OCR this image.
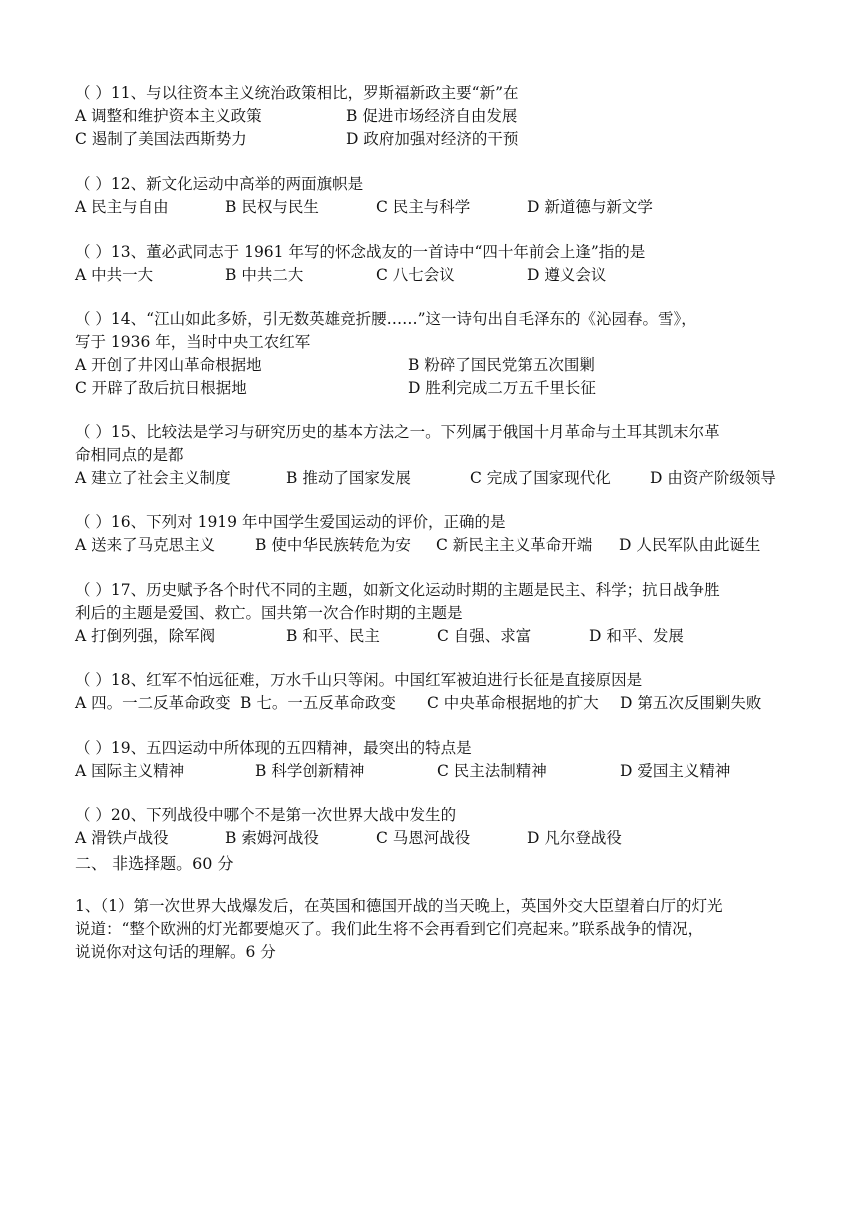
（ ）11、与以往资本主义统治政策相比，罗斯福新政主要“新”在
A 调整和维护资本主义政策	B 促进市场经济自由发展
C 遏制了美国法西斯势力	D 政府加强对经济的干预
（ ）12、新文化运动中高举的两面旗帜是
A 民主与自由	B 民权与民生	C 民主与科学	D 新道德与新文学
（ ）13、董必武同志于 1961 年写的怀念战友的一首诗中“四十年前会上逢”指的是
A 中共一大	B 中共二大	C 八七会议	D 遵义会议
（ ）14、“江山如此多娇，引无数英雄竞折腰……”这一诗句出自毛泽东的《沁园春。雪》，
写于 1936 年，当时中央工农红军
A 开创了井冈山革命根据地	B 粉碎了国民党第五次围剿
C 开辟了敌后抗日根据地	D 胜利完成二万五千里长征
（ ）15、比较法是学习与研究历史的基本方法之一。下列属于俄国十月革命与土耳其凯末尔革
命相同点的是都
A 建立了社会主义制度	B 推动了国家发展	C 完成了国家现代化	D 由资产阶级领导
（ ）16、下列对 1919 年中国学生爱国运动的评价，正确的是
A 送来了马克思主义	B 使中华民族转危为安 C 新民主主义革命开端 D 人民军队由此诞生
（ ）17、历史赋予各个时代不同的主题，如新文化运动时期的主题是民主、科学；抗日战争胜
利后的主题是爱国、救亡。国共第一次合作时期的主题是
A 打倒列强，除军阀	B 和平、民主	C 自强、求富	D 和平、发展
（ ）18、红军不怕远征难，万水千山只等闲。中国红军被迫进行长征是直接原因是
A 四。一二反革命政变 B 七。一五反革命政变 C 中央革命根据地的扩大 D 第五次反围剿失败
（ ）19、五四运动中所体现的五四精神，最突出的特点是
A 国际主义精神	B 科学创新精神	C 民主法制精神	D 爱国主义精神
（ ）20、下列战役中哪个不是第一次世界大战中发生的
A 滑铁卢战役	B 索姆河战役	C 马恩河战役	D 凡尔登战役
二、 非选择题。60 分
1、（1）第一次世界大战爆发后，在英国和德国开战的当天晚上，英国外交大臣望着白厅的灯光
说道：“整个欧洲的灯光都要熄灭了。我们此生将不会再看到它们亮起来。”联系战争的情况，
说说你对这句话的理解。6 分
